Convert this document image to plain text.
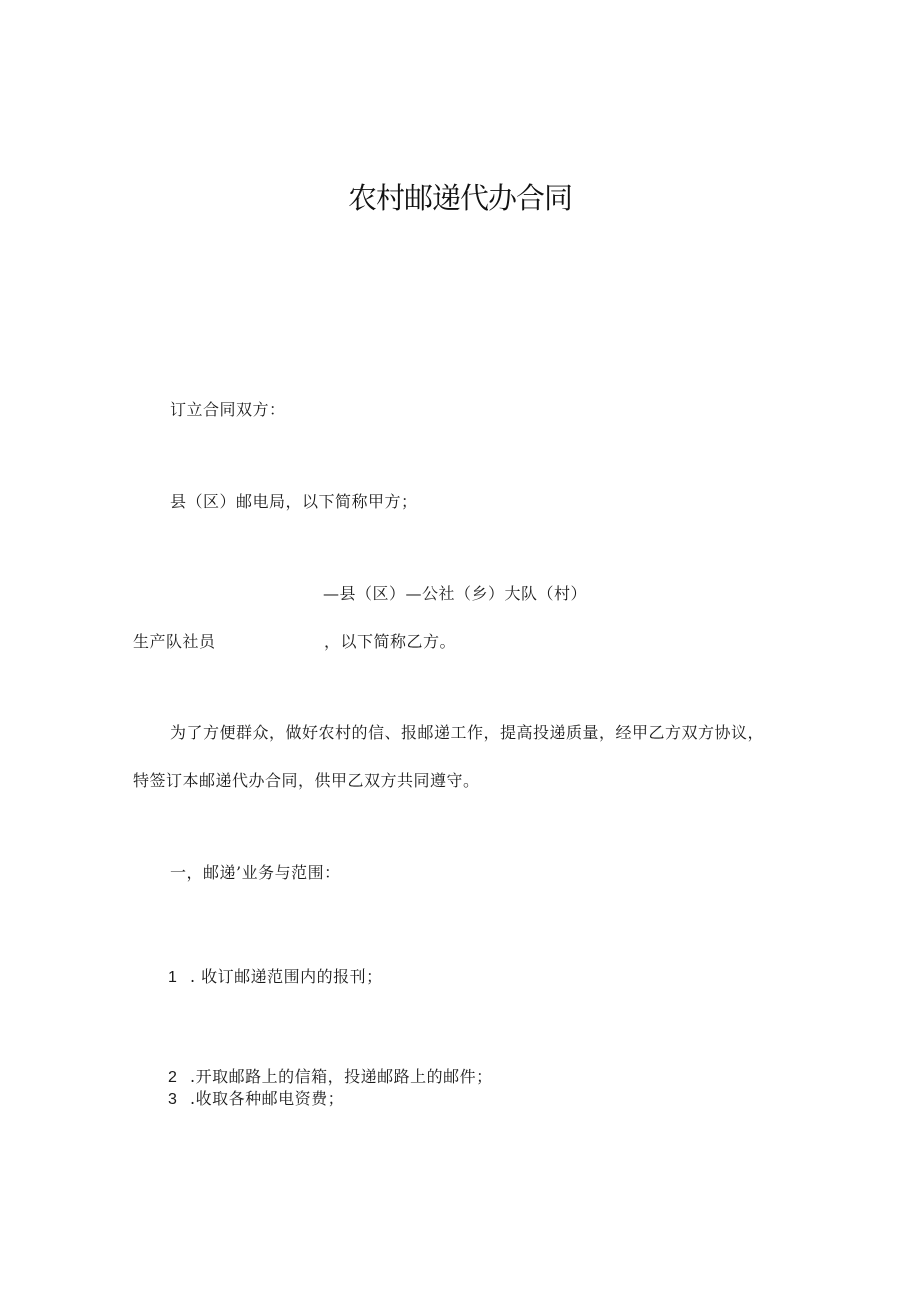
农村邮递代办合同
订立合同双方：
县（区）邮电局，以下简称甲方；
—县（区）—公社（乡）大队（村）
生产队社员	，以下简称乙方。
为了方便群众，做好农村的信、报邮递工作，提高投递质量，经甲乙方双方协议，
特签订本邮递代办合同，供甲乙双方共同遵守。
一，邮递’业务与范围：
1 . 收订邮递范围内的报刊；
2 .开取邮路上的信箱，投递邮路上的邮件；
3 .收取各种邮电资费；
